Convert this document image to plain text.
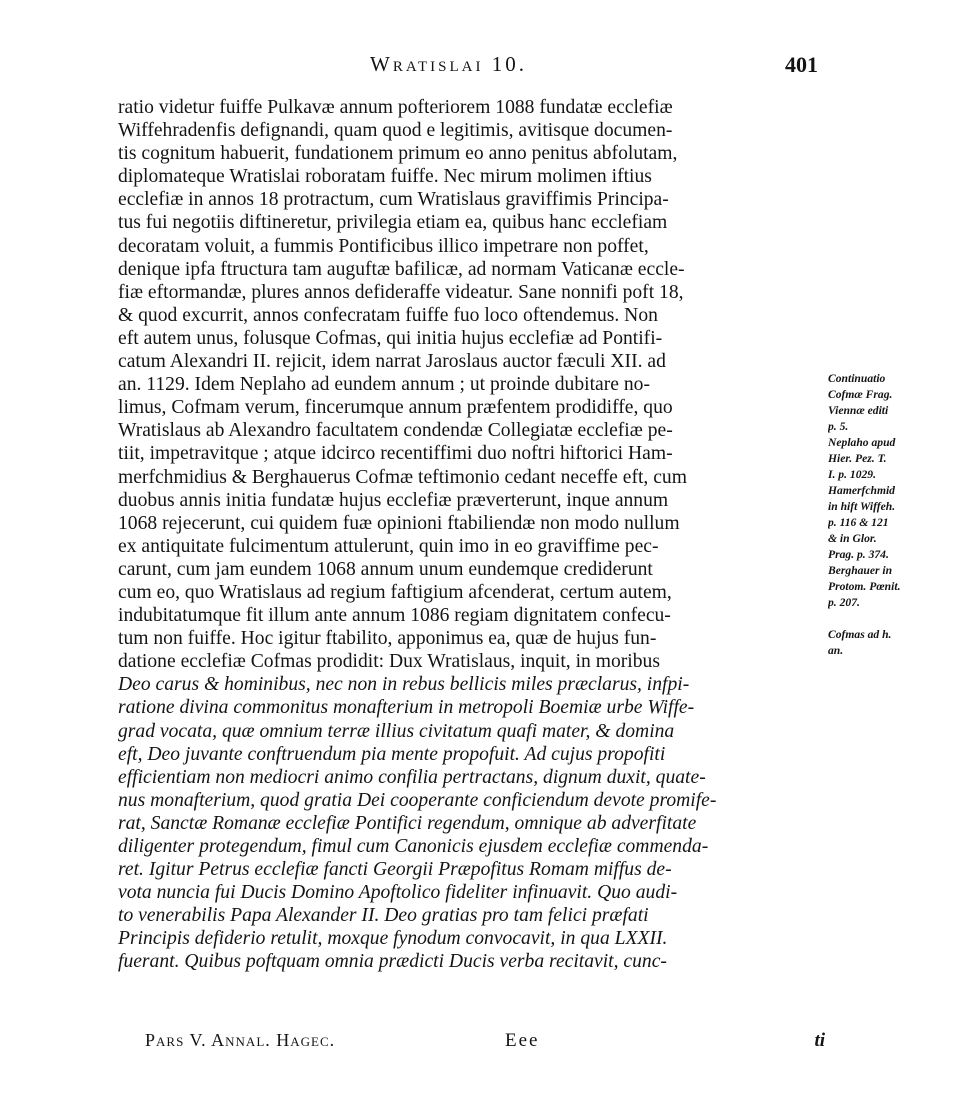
Wratislai 10.	401
ratio videtur fuiffe Pulkavæ annum pofteriorem 1088 fundatæ ecclefiæ
Wiffehradenfis defignandi, quam quod e legitimis, avitisque documen-
tis cognitum habuerit, fundationem primum eo anno penitus abfolutam,
diplomateque Wratislai roboratam fuiffe. Nec mirum molimen iftius
ecclefiæ in annos 18 protractum, cum Wratislaus graviffimis Principa-
tus fui negotiis diftineretur, privilegia etiam ea, quibus hanc ecclefiam
decoratam voluit, a fummis Pontificibus illico impetrare non poffet,
denique ipfa ftructura tam auguftæ bafilicæ, ad normam Vaticanæ eccle-
fiæ eftormandæ, plures annos defideraffe videatur. Sane nonnifi poft 18,
& quod excurrit, annos confecratam fuiffe fuo loco oftendemus. Non
eft autem unus, folusque Cofmas, qui initia hujus ecclefiæ ad Pontifi-
catum Alexandri II. rejicit, idem narrat Jaroslaus auctor fæculi XII. ad
an. 1129. Idem Neplaho ad eundem annum ; ut proinde dubitare no-
limus, Cofmam verum, fincerumque annum præfentem prodidiffe, quo
Wratislaus ab Alexandro facultatem condendæ Collegiatæ ecclefiæ pe-
tiit, impetravitque ; atque idcirco recentiffimi duo noftri hiftorici Ham-
merfchmidius & Berghauerus Cofmæ teftimonio cedant neceffe eft, cum
duobus annis initia fundatæ hujus ecclefiæ præverterunt, inque annum
1068 rejecerunt, cui quidem fuæ opinioni ftabiliendæ non modo nullum
ex antiquitate fulcimentum attulerunt, quin imo in eo graviffime pec-
carunt, cum jam eundem 1068 annum unum eundemque crediderunt
cum eo, quo Wratislaus ad regium faftigium afcenderat, certum autem,
indubitatumque fit illum ante annum 1086 regiam dignitatem confecu-
tum non fuiffe. Hoc igitur ftabilito, apponimus ea, quæ de hujus fun-
datione ecclefiæ Cofmas prodidit: Dux Wratislaus, inquit, in moribus
Deo carus & hominibus, nec non in rebus bellicis miles præclarus, infpi-
ratione divina commonitus monafterium in metropoli Boemiæ urbe Wiffe-
grad vocata, quæ omnium terræ illius civitatum quafi mater, & domina
eft, Deo juvante conftruendum pia mente propofuit. Ad cujus propofiti
efficientiam non mediocri animo confilia pertractans, dignum duxit, quate-
nus monafterium, quod gratia Dei cooperante conficiendum devote promife-
rat, Sanctæ Romanæ ecclefiæ Pontifici regendum, omnique ab adverfitate
diligenter protegendum, fimul cum Canonicis ejusdem ecclefiæ commenda-
ret. Igitur Petrus ecclefiæ fancti Georgii Præpofitus Romam miffus de-
vota nuncia fui Ducis Domino Apoftolico fideliter infinuavit. Quo audi-
to venerabilis Papa Alexander II. Deo gratias pro tam felici præfati
Principis defiderio retulit, moxque fynodum convocavit, in qua LXXII.
fuerant. Quibus poftquam omnia prædicti Ducis verba recitavit, cunc-
Continuatio
Cofmæ Frag.
Viennæ editi
p. 5.
Neplaho apud
Hier. Pez. T.
I. p. 1029.
Hamerfchmid
in hift Wiffeh.
p. 116 & 121
& in Glor.
Prag. p. 374.
Berghauer in
Protom. Pœnit.
p. 207.
Cofmas ad h.
an.
Pars V. Annal. Hagec.	Eee	ti
